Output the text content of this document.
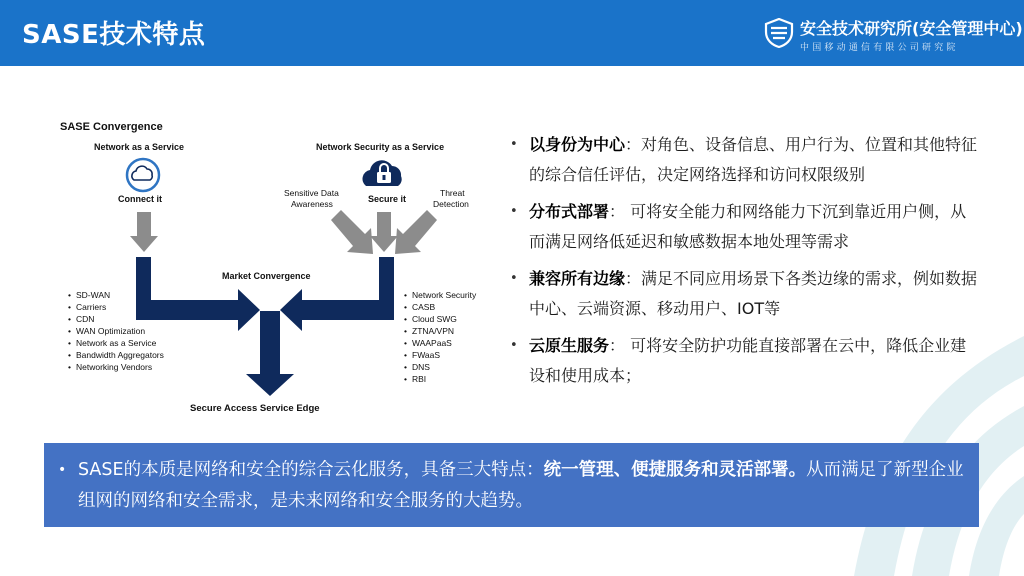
SASE技术特点	安全技术研究所(安全管理中心)
中国移动通信有限公司研究院
SASE Convergence
Network as a Service	Network Security as a Service
Connect it
Sensitive Data
Awareness	Secure it
Threat
Detection
Market Convergence
Secure Access Service Edge
• SD-WAN
• Carriers
• CDN
• WAN Optimization
• Network as a Service
• Bandwidth Aggregators
• Networking Vendors
• Network Security
• CASB
• Cloud SWG
• ZTNA/VPN
• WAAPaaS
• FWaaS
• DNS
• RBI
• 以身份为中心：对角色、设备信息、用户行为、位置和其他特征的综合信任评估，决定网络选择和访问权限级别
• 分布式部署： 可将安全能力和网络能力下沉到靠近用户侧，从而满足网络低延迟和敏感数据本地处理等需求
• 兼容所有边缘：满足不同应用场景下各类边缘的需求，例如数据中心、云端资源、移动用户、IOT等
• 云原生服务： 可将安全防护功能直接部署在云中，降低企业建设和使用成本；
• SASE的本质是网络和安全的综合云化服务，具备三大特点：统一管理、便捷服务和灵活部署。从而满足了新型企业组网的网络和安全需求，是未来网络和安全服务的大趋势。
